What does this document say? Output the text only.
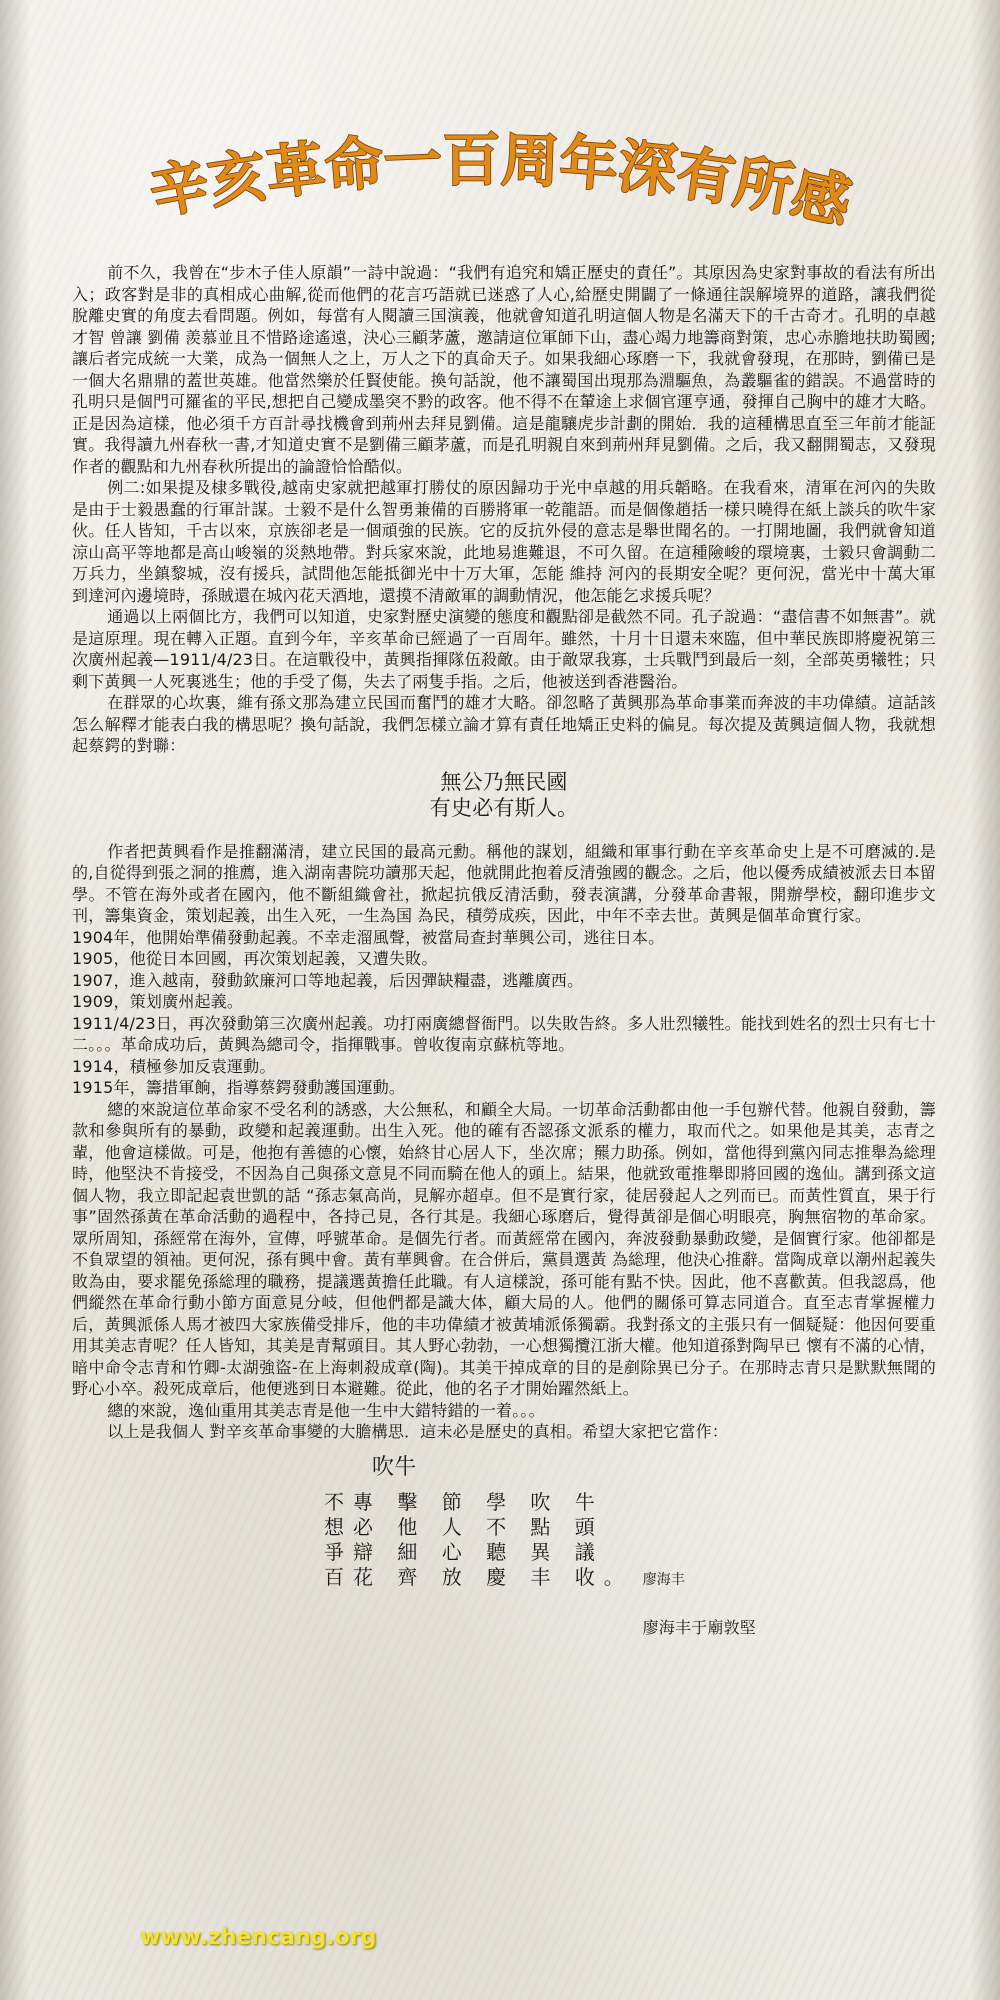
辛亥革命一百周年深有所感

前不久，我曾在“步木子佳人原韻”一詩中說過：“我們有追究和矯正歷史的責任”。其原因為史家對事故的看法有所出入；政客對是非的真相成心曲解,從而他們的花言巧語就已迷惑了人心,給歷史開闢了一條通往誤解境界的道路，讓我們從脫離史實的角度去看問題。例如，每當有人閱讀三国演義，他就會知道孔明這個人物是名滿天下的千古奇才。孔明的卓越才智 曾讓 劉備 羨慕並且不惜路途遙遠，決心三顧茅蘆，邀請這位軍師下山，盡心竭力地籌商對策，忠心赤膽地扶助蜀國;讓后者完成統一大業，成為一個無人之上，万人之下的真命天子。如果我細心琢磨一下，我就會發現，在那時，劉備已是一個大名鼎鼎的蓋世英雄。他當然樂於任賢使能。換句話說，他不讓蜀国出現那為淵驅魚，為叢驅雀的錯誤。不過當時的孔明只是個門可羅雀的平民,想把自己變成墨突不黔的政客。他不得不在輦途上求個官運亨通，發揮自己胸中的雄才大略。正是因為這樣，他必須千方百計尋找機會到荊州去拜見劉備。這是龍驤虎步計劃的開始．我的這種構思直至三年前才能証實。我得讀九州春秋一書,才知道史實不是劉備三顧茅蘆，而是孔明親自來到荊州拜見劉備。之后，我又翻開蜀志，又發現作者的觀點和九州春秋所提出的論證恰恰酷似。

例二:如果提及棣多戰役,越南史家就把越軍打勝仗的原因歸功于光中卓越的用兵韜略。在我看來，清軍在河內的失敗是由于士毅愚蠢的行軍計謀。士毅不是什么智勇兼備的百勝將軍一乾龍語。而是個像趙括一樣只曉得在紙上談兵的吹牛家伙。任人皆知，千古以來，京族卻老是一個頑強的民族。它的反抗外侵的意志是舉世聞名的。一打開地圖，我們就會知道涼山高平等地都是高山峻嶺的災熱地帶。對兵家來說，此地易進難退，不可久留。在這種險峻的環境裏，士毅只會調動二万兵力，坐鎮黎城，沒有援兵，試問他怎能抵御光中十万大軍，怎能 維持 河內的長期安全呢？更何況，當光中十萬大軍到達河內邊境時，孫賊還在城內花天酒地，還摸不清敵軍的調動情況，他怎能乞求援兵呢？

通過以上兩個比方，我們可以知道，史家對歷史演變的態度和觀點卻是截然不同。孔子說過：“盡信書不如無書”。就是這原理。現在轉入正題。直到今年，辛亥革命已經過了一百周年。雖然，十月十日還未來臨，但中華民族即將慶祝第三次廣州起義—1911/4/23日。在這戰役中，黃興指揮隊伍殺敵。由于敵眾我寡，士兵戰鬥到最后一刻，全部英勇犧牲；只剩下黃興一人死裏逃生；他的手受了傷，失去了兩隻手指。之后，他被送到香港醫治。

在群眾的心坎裏，維有孫文那為建立民国而奮鬥的雄才大略。卻忽略了黃興那為革命事業而奔波的丰功偉績。這話該怎么解釋才能表白我的構思呢？換句話說，我們怎樣立論才算有責任地矯正史料的偏見。每次提及黃興這個人物，我就想起蔡鍔的對聯：

無公乃無民國
有史必有斯人。

作者把黃興看作是推翻滿清，建立民国的最高元勳。稱他的謀划，組織和軍事行動在辛亥革命史上是不可磨滅的.是的,自從得到張之洞的推薦，進入湖南書院功讀那天起，他就開此抱着反清強國的觀念。之后，他以優秀成績被派去日本留學。不管在海外或者在國內，他不斷組織會社，掀起抗俄反清活動，發表演講，分發革命書報，開辦學校，翻印進步文刊，籌集資金，策划起義，出生入死，一生為国 為民，積勞成疾，因此，中年不幸去世。黃興是個革命實行家。

1904年，他開始準備發動起義。不幸走溜風聲，被當局查封華興公司，逃往日本。

1905，他從日本回國，再次策划起義，又遭失敗。

1907，進入越南，發動欽廉河口等地起義，后因彈缺糧盡，逃離廣西。

1909，策划廣州起義。

1911/4/23日，再次發動第三次廣州起義。功打兩廣總督衙門。以失敗告終。多人壯烈犧牲。能找到姓名的烈士只有七十二。。。革命成功后，黃興為總司令，指揮戰事。曾收復南京蘇杭等地。

1914，積極參加反袁運動。

1915年，籌措軍餉，指導蔡鍔發動護国運動。

總的來說這位革命家不受名利的誘惑，大公無私，和顧全大局。一切革命活動都由他一手包辦代替。他親自發動，籌款和參與所有的暴動，政變和起義運動。出生入死。他的確有否認孫文派系的權力，取而代之。如果他是其美，志青之輩，他會這樣做。可是，他抱有善德的心懷，始終甘心居人下，坐次席；羆力助孫。例如，當他得到黨內同志推舉為総理時，他堅決不肯接受，不因為自己與孫文意見不同而騎在他人的頭上。結果，他就致電推舉即將回國的逸仙。講到孫文這個人物，我立即記起袁世凱的話 “孫志氣高尚，見解亦超卓。但不是實行家，徒居發起人之列而已。而黃性質直，果于行事”固然孫黃在革命活動的過程中，各持己見，各行其是。我細心琢磨后，覺得黃卻是個心明眼亮，胸無宿物的革命家。眾所周知，孫經常在海外，宣傳，呼號革命。是個先行者。而黃經常在國內，奔波發動暴動政變，是個實行家。他卻都是不負眾望的領袖。更何況，孫有興中會。黃有華興會。在合併后，黨員選黃 為総理，他決心推辭。當陶成章以潮州起義失敗為由，要求罷免孫総理的職務，提議選黃擔任此職。有人這樣說，孫可能有點不快。因此，他不喜歡黃。但我認爲，他們縱然在革命行動小節方面意見分岐，但他們都是識大体，顧大局的人。他們的關係可算志同道合。直至志青掌握權力后，黃興派係人馬才被四大家族備受排斥，他的丰功偉績才被黃埔派係獨霸。我對孫文的主張只有一個疑疑：他因何要重用其美志青呢？任人皆知，其美是青幫頭目。其人野心勃勃，一心想獨攬江浙大權。他知道孫對陶早已 懷有不滿的心情，暗中命令志青和竹卿-太湖強盜-在上海刺殺成章(陶)。其美干掉成章的目的是剷除異已分子。在那時志青只是默默無聞的 野心小卒。殺死成章后，他便逃到日本避難。從此，他的名子才開始躍然紙上。

總的來說，逸仙重用其美志青是他一生中大錯特錯的一着。。。

以上是我個人 對辛亥革命事變的大膽構思．這未必是歷史的真相。希望大家把它當作：

吹牛
不專 擊 節 學 吹 牛
想必 他 人 不 點 頭
爭辯 細 心 聽 異 議
百花 齊 放 慶 丰 收。 廖海丰
廖海丰于廟敦堅
www.zhencang.org
